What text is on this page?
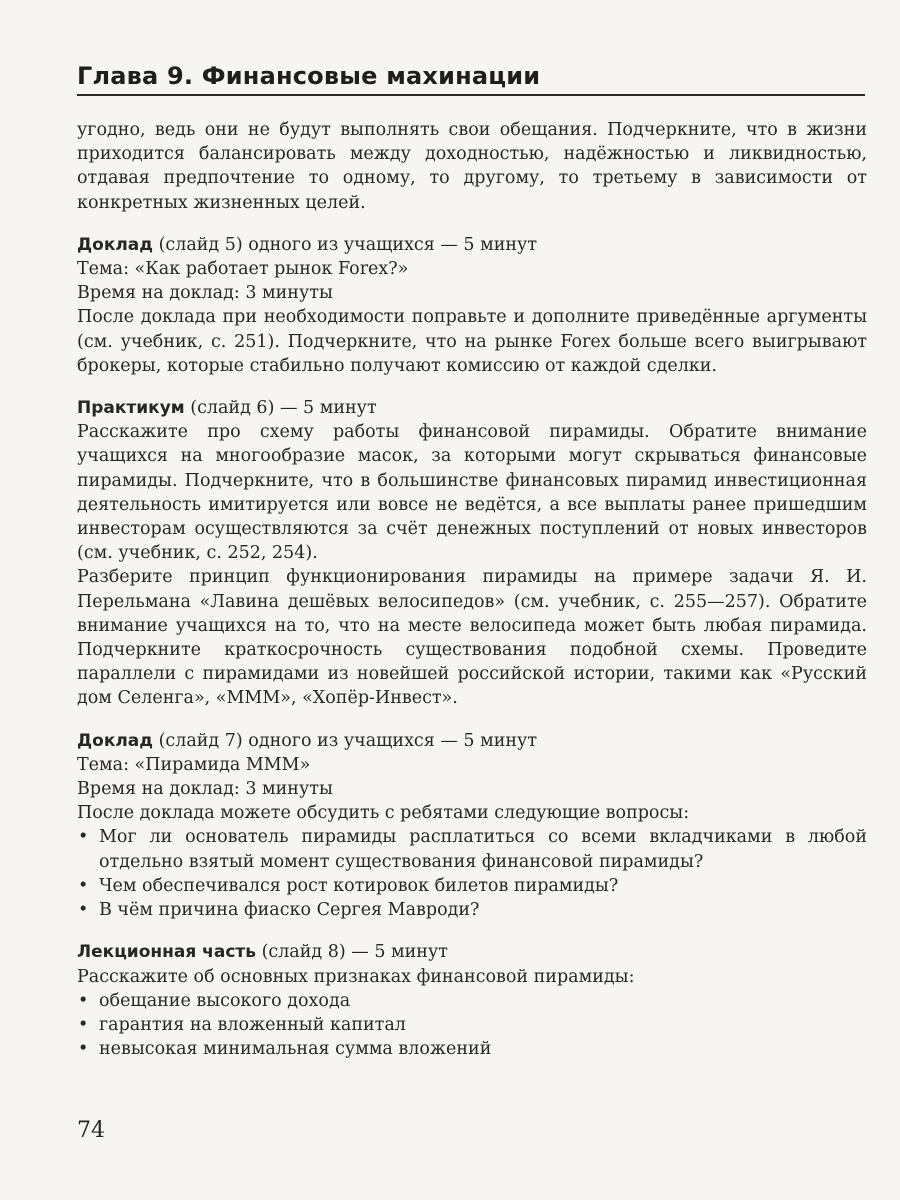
Глава 9. Финансовые махинации

угодно, ведь они не будут выполнять свои обещания. Подчеркните, что в жизни приходится балансировать между доходностью, надёжностью и ликвидностью, отдавая предпочтение то одному, то другому, то третьему в зависимости от конкретных жизненных целей.

Доклад (слайд 5) одного из учащихся — 5 минут

Тема: «Как работает рынок Forex?»

Время на доклад: 3 минуты

После доклада при необходимости поправьте и дополните приведённые аргументы (см. учебник, с. 251). Подчеркните, что на рынке Forex больше всего выигрывают брокеры, которые стабильно получают комиссию от каждой сделки.

Практикум (слайд 6) — 5 минут

Расскажите про схему работы финансовой пирамиды. Обратите внимание учащихся на многообразие масок, за которыми могут скрываться финансовые пирамиды. Подчеркните, что в большинстве финансовых пирамид инвестиционная деятельность имитируется или вовсе не ведётся, а все выплаты ранее пришедшим инвесторам осуществляются за счёт денежных поступлений от новых инвесторов (см. учебник, с. 252, 254).

Разберите принцип функционирования пирамиды на примере задачи Я. И. Перельмана «Лавина дешёвых велосипедов» (см. учебник, с. 255—257). Обратите внимание учащихся на то, что на месте велосипеда может быть любая пирамида. Подчеркните краткосрочность существования подобной схемы. Проведите параллели с пирамидами из новейшей российской истории, такими как «Русский дом Селенга», «МММ», «Хопёр-Инвест».

Доклад (слайд 7) одного из учащихся — 5 минут

Тема: «Пирамида МММ»

Время на доклад: 3 минуты

После доклада можете обсудить с ребятами следующие вопросы:

• Мог ли основатель пирамиды расплатиться со всеми вкладчиками в любой отдельно взятый момент существования финансовой пирамиды?
• Чем обеспечивался рост котировок билетов пирамиды?
• В чём причина фиаско Сергея Мавроди?

Лекционная часть (слайд 8) — 5 минут

Расскажите об основных признаках финансовой пирамиды:

• обещание высокого дохода
• гарантия на вложенный капитал
• невысокая минимальная сумма вложений
74
